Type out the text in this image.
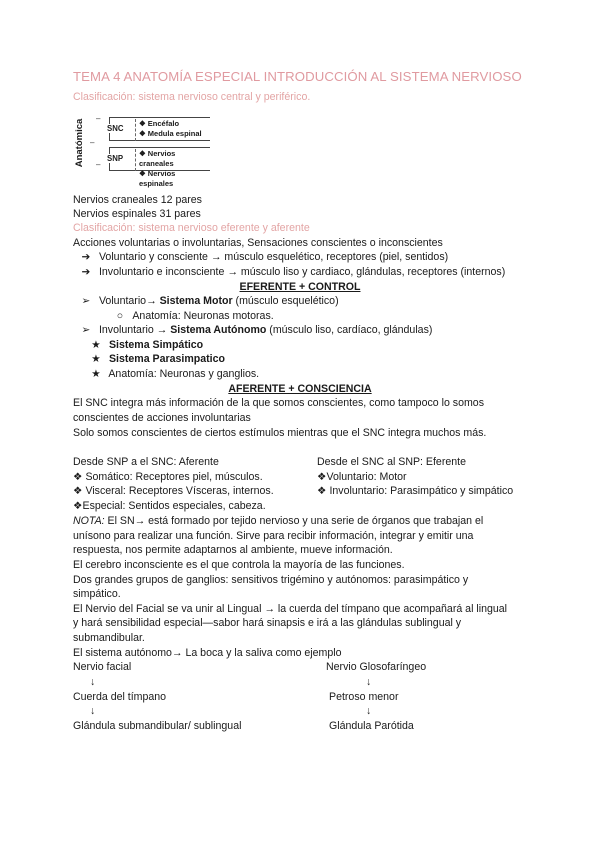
TEMA 4 ANATOMÍA ESPECIAL INTRODUCCIÓN AL SISTEMA NERVIOSO
Clasificación: sistema nervioso central y periférico.
Anatómica
–
–
–
SNC
❖ Encéfalo
❖ Medula espinal
SNP
❖ Nervios craneales
❖ Nervios espinales
Nervios craneales 12 pares
Nervios espinales 31 pares
Clasificación: sistema nervioso eferente y aferente
Acciones voluntarias o involuntarias, Sensaciones conscientes o inconscientes
➔ Voluntario y consciente → músculo esquelético, receptores (piel, sentidos)
➔ Involuntario e inconsciente → músculo liso y cardiaco, glándulas, receptores (internos)
EFERENTE + CONTROL
➢ Voluntario→ Sistema Motor (músculo esquelético)
○ Anatomía: Neuronas motoras.
➢ Involuntario → Sistema Autónomo (músculo liso, cardíaco, glándulas)
★ Sistema Simpático
★ Sistema Parasimpatico
★ Anatomía: Neuronas y ganglios.
AFERENTE + CONSCIENCIA
El SNC integra más información de la que somos conscientes, como tampoco lo somos
conscientes de acciones involuntarias
Solo somos conscientes de ciertos estímulos mientras que el SNC integra muchos más.
Desde SNP a el SNC: Aferente
❖ Somático: Receptores piel, músculos.
❖ Visceral: Receptores Vísceras, internos.
❖Especial: Sentidos especiales, cabeza.
Desde el SNC al SNP: Eferente
❖Voluntario: Motor
❖ Involuntario: Parasimpático y simpático
NOTA: El SN→ está formado por tejido nervioso y una serie de órganos que trabajan el
unísono para realizar una función. Sirve para recibir información, integrar y emitir una
respuesta, nos permite adaptarnos al ambiente, mueve información.
El cerebro inconsciente es el que controla la mayoría de las funciones.
Dos grandes grupos de ganglios: sensitivos trigémino y autónomos: parasimpático y
simpático.
El Nervio del Facial se va unir al Lingual → la cuerda del tímpano que acompañará al lingual
y hará sensibilidad especial—sabor hará sinapsis e irá a las glándulas sublingual y
submandibular.
El sistema autónomo→ La boca y la saliva como ejemplo
Nervio facial
↓
Cuerda del tímpano
↓
Glándula submandibular/ sublingual
Nervio Glosofaríngeo
↓
Petroso menor
↓
Glándula Parótida
